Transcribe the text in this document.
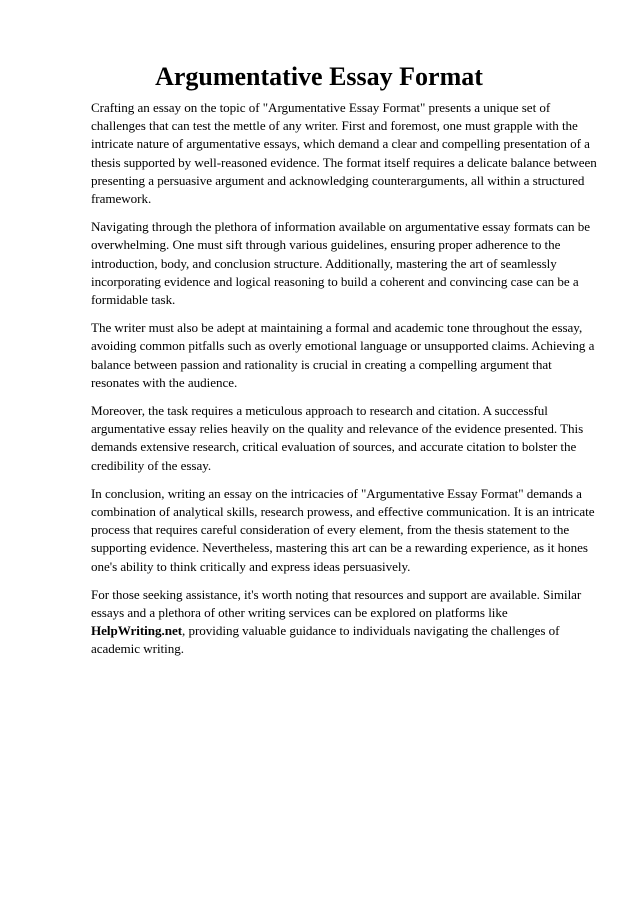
Argumentative Essay Format

Crafting an essay on the topic of "Argumentative Essay Format" presents a unique set of challenges that can test the mettle of any writer. First and foremost, one must grapple with the intricate nature of argumentative essays, which demand a clear and compelling presentation of a thesis supported by well-reasoned evidence. The format itself requires a delicate balance between presenting a persuasive argument and acknowledging counterarguments, all within a structured framework.

Navigating through the plethora of information available on argumentative essay formats can be overwhelming. One must sift through various guidelines, ensuring proper adherence to the introduction, body, and conclusion structure. Additionally, mastering the art of seamlessly incorporating evidence and logical reasoning to build a coherent and convincing case can be a formidable task.

The writer must also be adept at maintaining a formal and academic tone throughout the essay, avoiding common pitfalls such as overly emotional language or unsupported claims. Achieving a balance between passion and rationality is crucial in creating a compelling argument that resonates with the audience.

Moreover, the task requires a meticulous approach to research and citation. A successful argumentative essay relies heavily on the quality and relevance of the evidence presented. This demands extensive research, critical evaluation of sources, and accurate citation to bolster the credibility of the essay.

In conclusion, writing an essay on the intricacies of "Argumentative Essay Format" demands a combination of analytical skills, research prowess, and effective communication. It is an intricate process that requires careful consideration of every element, from the thesis statement to the supporting evidence. Nevertheless, mastering this art can be a rewarding experience, as it hones one's ability to think critically and express ideas persuasively.

For those seeking assistance, it's worth noting that resources and support are available. Similar essays and a plethora of other writing services can be explored on platforms like HelpWriting.net, providing valuable guidance to individuals navigating the challenges of academic writing.
